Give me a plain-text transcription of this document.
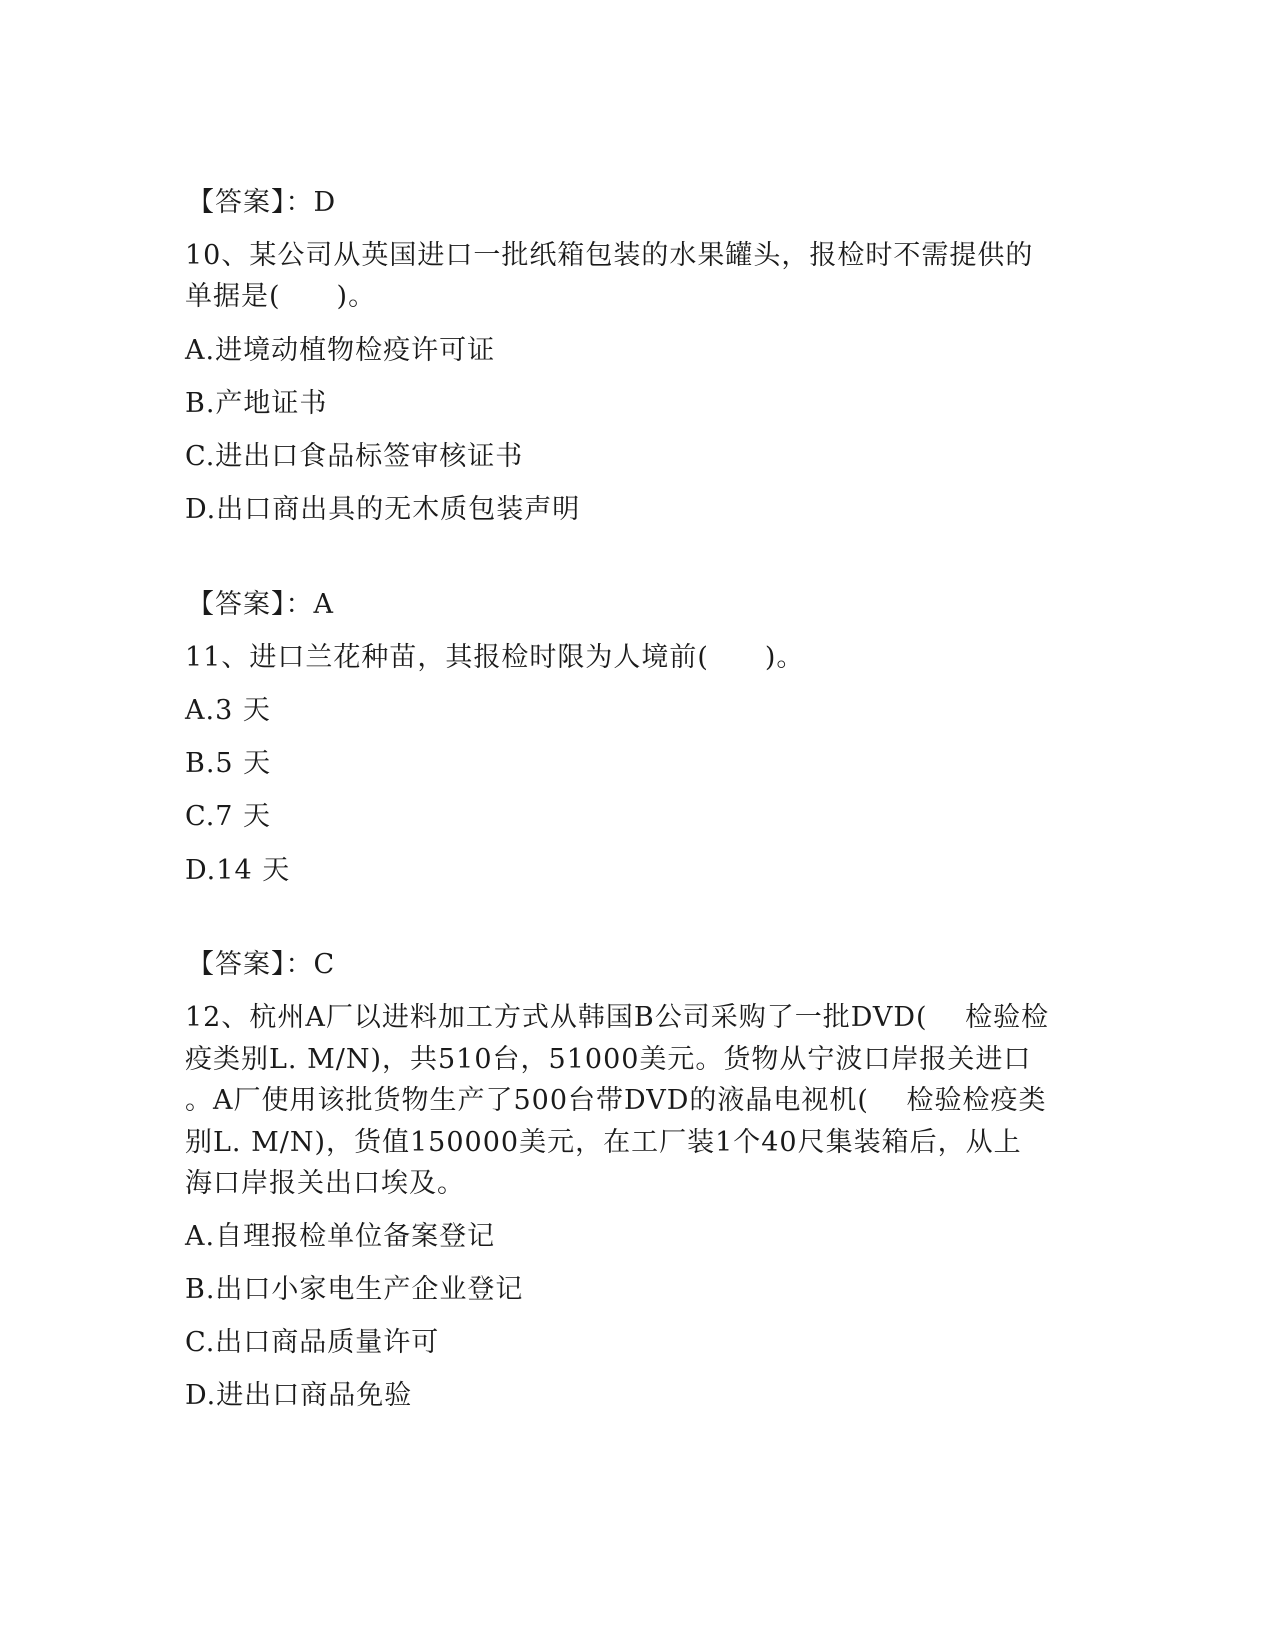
【答案】：D
10、某公司从英国进口一批纸箱包装的水果罐头，报检时不需提供的
单据是(　　)。
A.进境动植物检疫许可证
B.产地证书
C.进出口食品标签审核证书
D.出口商出具的无木质包装声明
【答案】：A
11、进口兰花种苗，其报检时限为人境前(　　)。
A.3 天
B.5 天
C.7 天
D.14 天
【答案】：C
12、杭州A厂以进料加工方式从韩国B公司采购了一批DVD(　 检验检
疫类别L. M/N)，共510台，51000美元。货物从宁波口岸报关进口
。A厂使用该批货物生产了500台带DVD的液晶电视机(　 检验检疫类
别L. M/N)，货值150000美元，在工厂装1个40尺集装箱后，从上
海口岸报关出口埃及。
A.自理报检单位备案登记
B.出口小家电生产企业登记
C.出口商品质量许可
D.进出口商品免验
